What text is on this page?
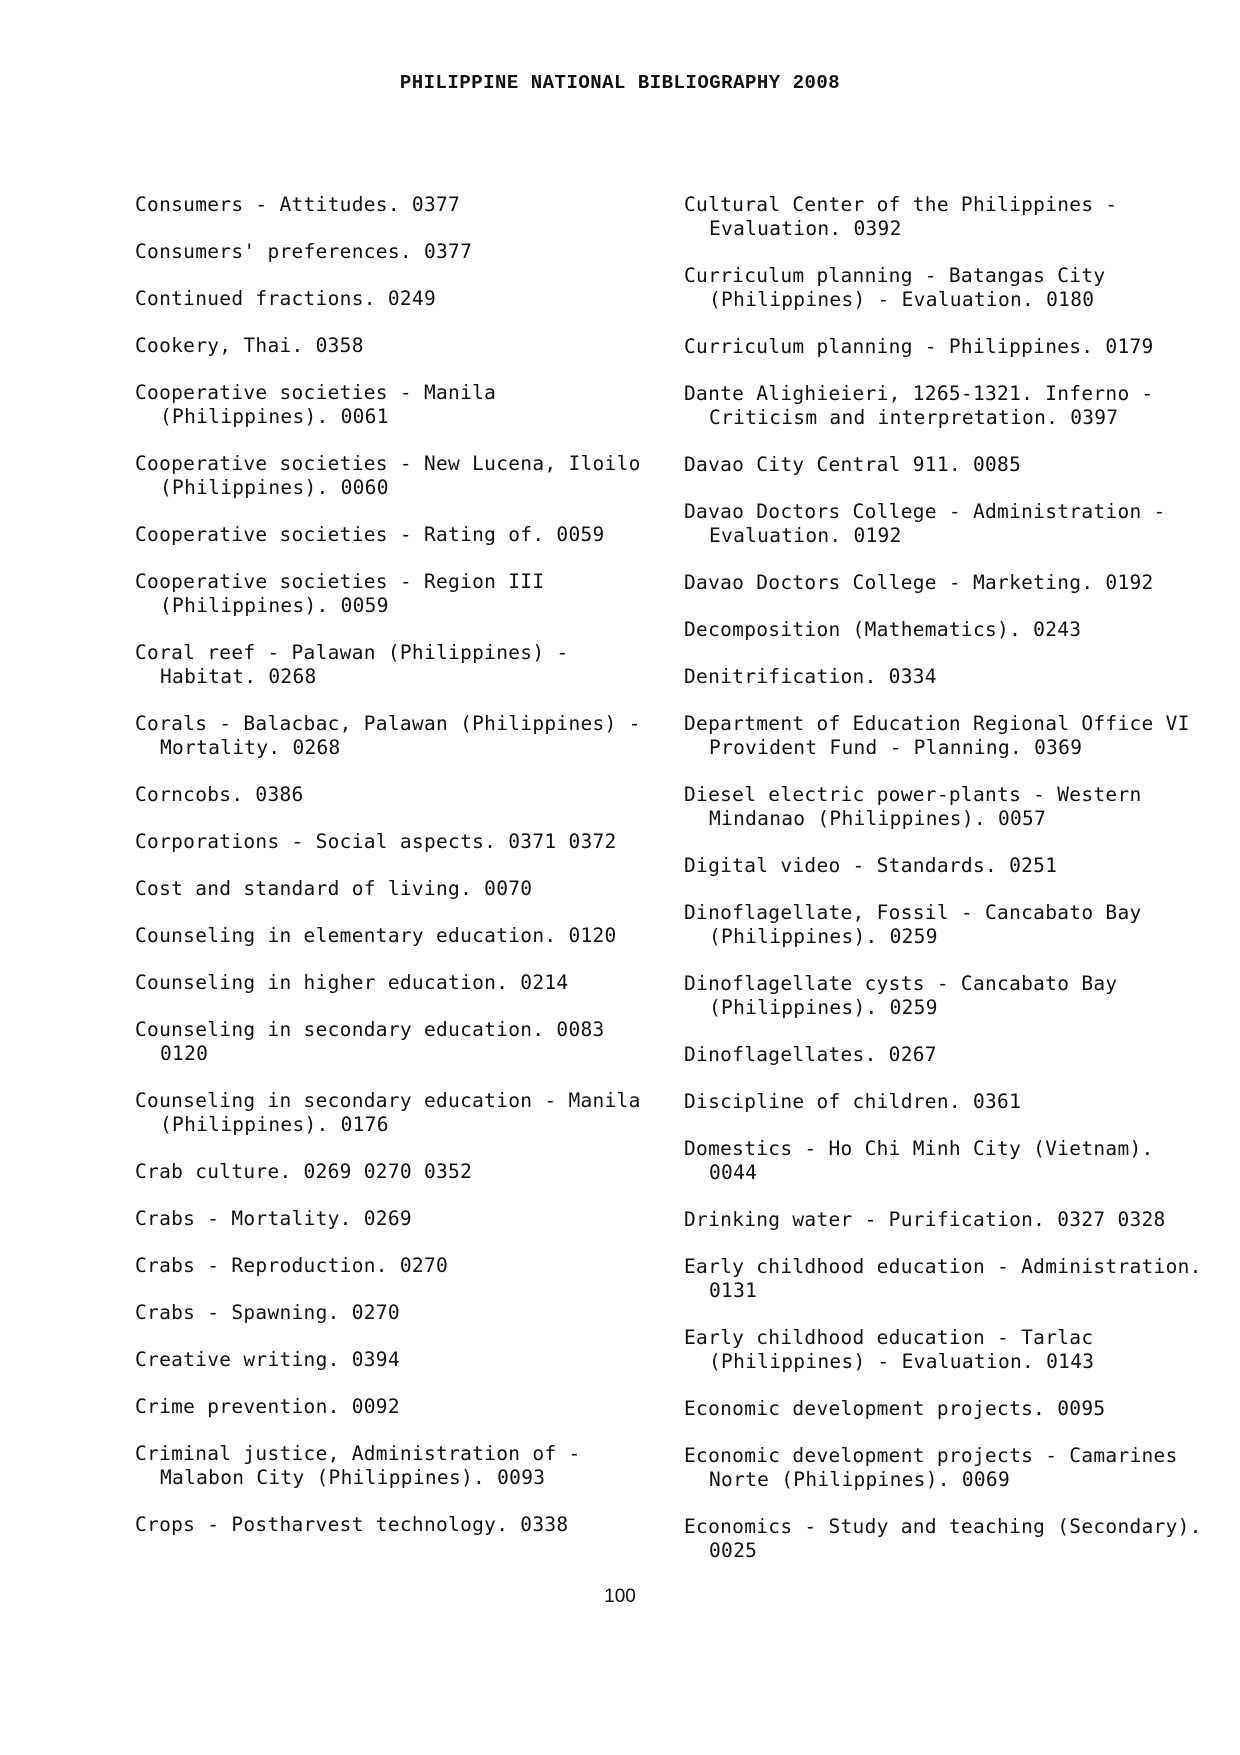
PHILIPPINE NATIONAL BIBLIOGRAPHY 2008
Consumers - Attitudes. 0377
Consumers' preferences. 0377
Continued fractions. 0249
Cookery, Thai. 0358
Cooperative societies - Manila (Philippines). 0061
Cooperative societies - New Lucena, Iloilo (Philippines). 0060
Cooperative societies - Rating of. 0059
Cooperative societies - Region III (Philippines). 0059
Coral reef - Palawan (Philippines) - Habitat. 0268
Corals - Balacbac, Palawan (Philippines) - Mortality. 0268
Corncobs. 0386
Corporations - Social aspects. 0371 0372
Cost and standard of living. 0070
Counseling in elementary education. 0120
Counseling in higher education. 0214
Counseling in secondary education. 0083 0120
Counseling in secondary education - Manila (Philippines). 0176
Crab culture. 0269 0270 0352
Crabs - Mortality. 0269
Crabs - Reproduction. 0270
Crabs - Spawning. 0270
Creative writing. 0394
Crime prevention. 0092
Criminal justice, Administration of - Malabon City (Philippines). 0093
Crops - Postharvest technology. 0338
Cultural Center of the Philippines - Evaluation. 0392
Curriculum planning - Batangas City (Philippines) - Evaluation. 0180
Curriculum planning - Philippines. 0179
Dante Alighieieri, 1265-1321. Inferno - Criticism and interpretation. 0397
Davao City Central 911. 0085
Davao Doctors College - Administration - Evaluation. 0192
Davao Doctors College - Marketing. 0192
Decomposition (Mathematics). 0243
Denitrification. 0334
Department of Education Regional Office VI Provident Fund - Planning. 0369
Diesel electric power-plants - Western Mindanao (Philippines). 0057
Digital video - Standards. 0251
Dinoflagellate, Fossil - Cancabato Bay (Philippines). 0259
Dinoflagellate cysts - Cancabato Bay (Philippines). 0259
Dinoflagellates. 0267
Discipline of children. 0361
Domestics - Ho Chi Minh City (Vietnam). 0044
Drinking water - Purification. 0327 0328
Early childhood education - Administration. 0131
Early childhood education - Tarlac (Philippines) - Evaluation. 0143
Economic development projects. 0095
Economic development projects - Camarines Norte (Philippines). 0069
Economics - Study and teaching (Secondary). 0025
100
